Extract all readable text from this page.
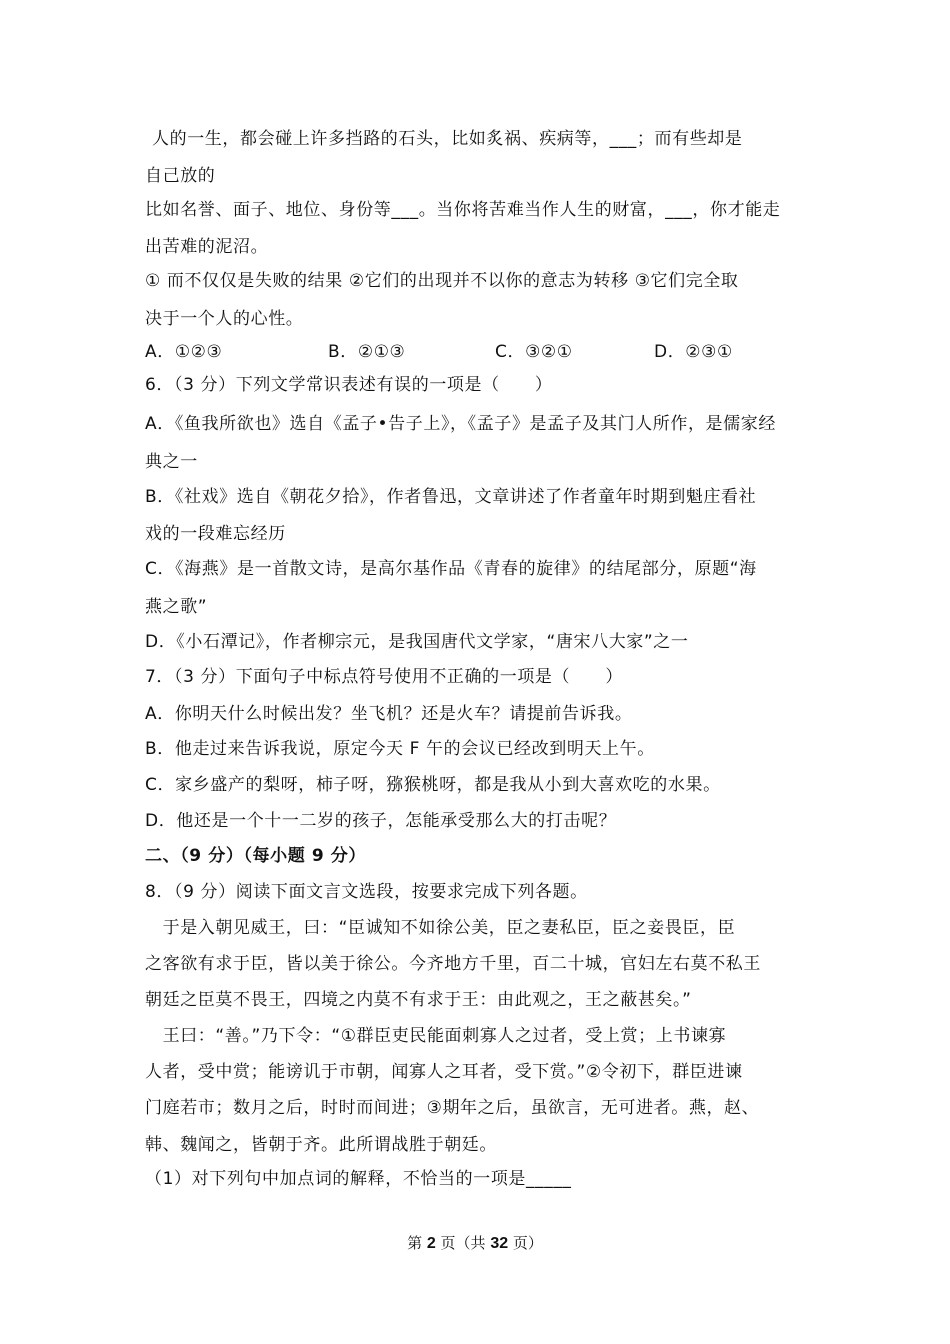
人的一生，都会碰上许多挡路的石头，比如炙祸、疾病等，___；而有些却是
自己放的
比如名誉、面子、地位、身份等___。当你将苦难当作人生的财富，___，你才能走
出苦难的泥沼。
① 而不仅仅是失败的结果 ②它们的出现并不以你的意志为转移 ③它们完全取
决于一个人的心性。
A．①②③	B．②①③	C．③②①	D．②③①
6．（3 分）下列文学常识表述有误的一项是（　　）
A．《鱼我所欲也》选自《孟子•告子上》，《孟子》是孟子及其门人所作，是儒家经
典之一
B．《社戏》选自《朝花夕拾》，作者鲁迅，文章讲述了作者童年时期到魁庄看社
戏的一段难忘经历
C．《海燕》是一首散文诗，是高尔基作品《青春的旋律》的结尾部分，原题“海
燕之歌”
D．《小石潭记》，作者柳宗元，是我国唐代文学家，“唐宋八大家”之一
7．（3 分）下面句子中标点符号使用不正确的一项是（　　）
A．你明天什么时候出发？坐飞机？还是火车？请提前告诉我。
B．他走过来告诉我说，原定今天 F 午的会议已经改到明天上午。
C．家乡盛产的梨呀，柿子呀，猕猴桃呀，都是我从小到大喜欢吃的水果。
D．他还是一个十一二岁的孩子，怎能承受那么大的打击呢？
二、（9 分）（每小题 9 分）
8．（9 分）阅读下面文言文选段，按要求完成下列各题。
　于是入朝见威王，曰：“臣诚知不如徐公美，臣之妻私臣，臣之妾畏臣，臣
之客欲有求于臣，皆以美于徐公。今齐地方千里，百二十城，官妇左右莫不私王
朝廷之臣莫不畏王，四境之内莫不有求于王：由此观之，王之蔽甚矣。”
　王曰：“善。”乃下令：“①群臣吏民能面刺寡人之过者，受上赏；上书谏寡
人者，受中赏；能谤讥于市朝，闻寡人之耳者，受下赏。”②令初下，群臣进谏
门庭若市；数月之后，时时而间进；③期年之后，虽欲言，无可进者。燕，赵、
韩、魏闻之，皆朝于齐。此所谓战胜于朝廷。
（1）对下列句中加点词的解释，不恰当的一项是_____
第 2 页（共 32 页）
